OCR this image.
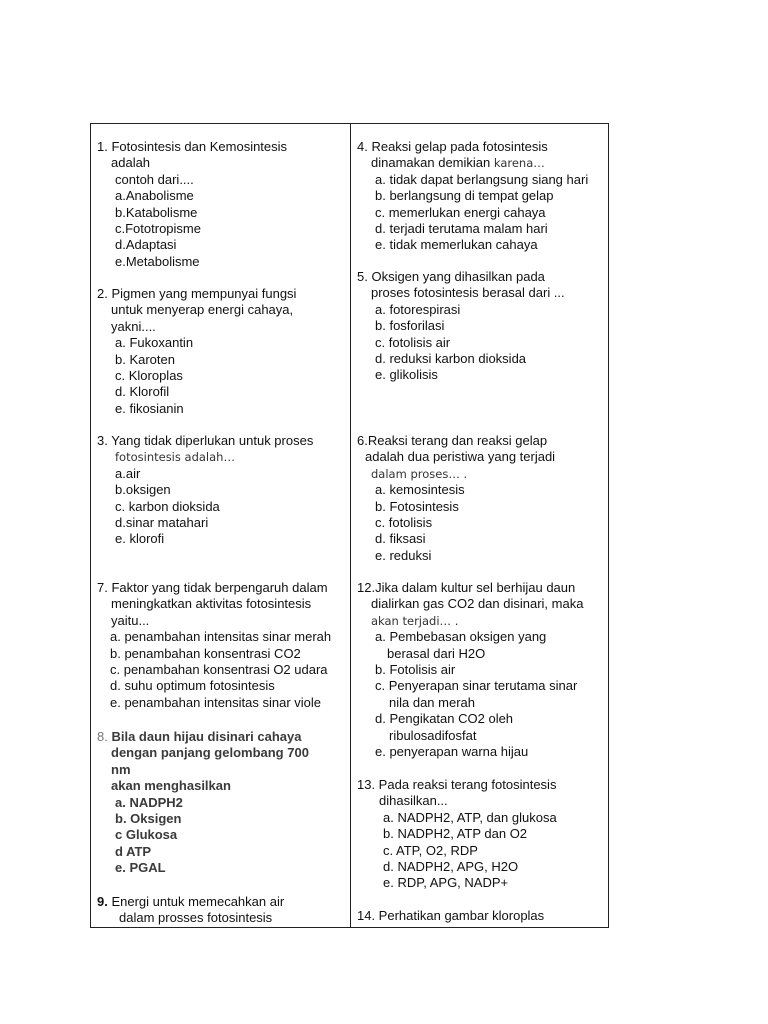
1. Fotosintesis dan Kemosintesis
adalah
contoh dari....
a.Anabolisme
b.Katabolisme
c.Fototropisme
d.Adaptasi
e.Metabolisme
2. Pigmen yang mempunyai fungsi
untuk menyerap energi cahaya,
yakni....
a. Fukoxantin
b. Karoten
c. Kloroplas
d. Klorofil
e. fikosianin
3. Yang tidak diperlukan untuk proses
fotosintesis adalah…
a.air
b.oksigen
c. karbon dioksida
d.sinar matahari
e. klorofi
7. Faktor yang tidak berpengaruh dalam
meningkatkan aktivitas fotosintesis
yaitu...
a. penambahan intensitas sinar merah
b. penambahan konsentrasi CO2
c. penambahan konsentrasi O2 udara
d. suhu optimum fotosintesis
e. penambahan intensitas sinar viole
8. Bila daun hijau disinari cahaya
dengan panjang gelombang 700
nm
akan menghasilkan
a. NADPH2
b. Oksigen
c Glukosa
d ATP
e. PGAL
9. Energi untuk memecahkan air
dalam prosses fotosintesis
4. Reaksi gelap pada fotosintesis
dinamakan demikian karena…
a. tidak dapat berlangsung siang hari
b. berlangsung di tempat gelap
c. memerlukan energi cahaya
d. terjadi terutama malam hari
e. tidak memerlukan cahaya
5. Oksigen yang dihasilkan pada
proses fotosintesis berasal dari ...
a. fotorespirasi
b. fosforilasi
c. fotolisis air
d. reduksi karbon dioksida
e. glikolisis
6.Reaksi terang dan reaksi gelap
adalah dua peristiwa yang terjadi
dalam proses… .
a. kemosintesis
b. Fotosintesis
c. fotolisis
d. fiksasi
e. reduksi
12.Jika dalam kultur sel berhijau daun
dialirkan gas CO2 dan disinari, maka
akan terjadi… .
a. Pembebasan oksigen yang
berasal dari H2O
b. Fotolisis air
c. Penyerapan sinar terutama sinar
nila dan merah
d. Pengikatan CO2 oleh
ribulosadifosfat
e. penyerapan warna hijau
13. Pada reaksi terang fotosintesis
dihasilkan...
a. NADPH2, ATP, dan glukosa
b. NADPH2, ATP dan O2
c. ATP, O2, RDP
d. NADPH2, APG, H2O
e. RDP, APG, NADP+
14. Perhatikan gambar kloroplas
